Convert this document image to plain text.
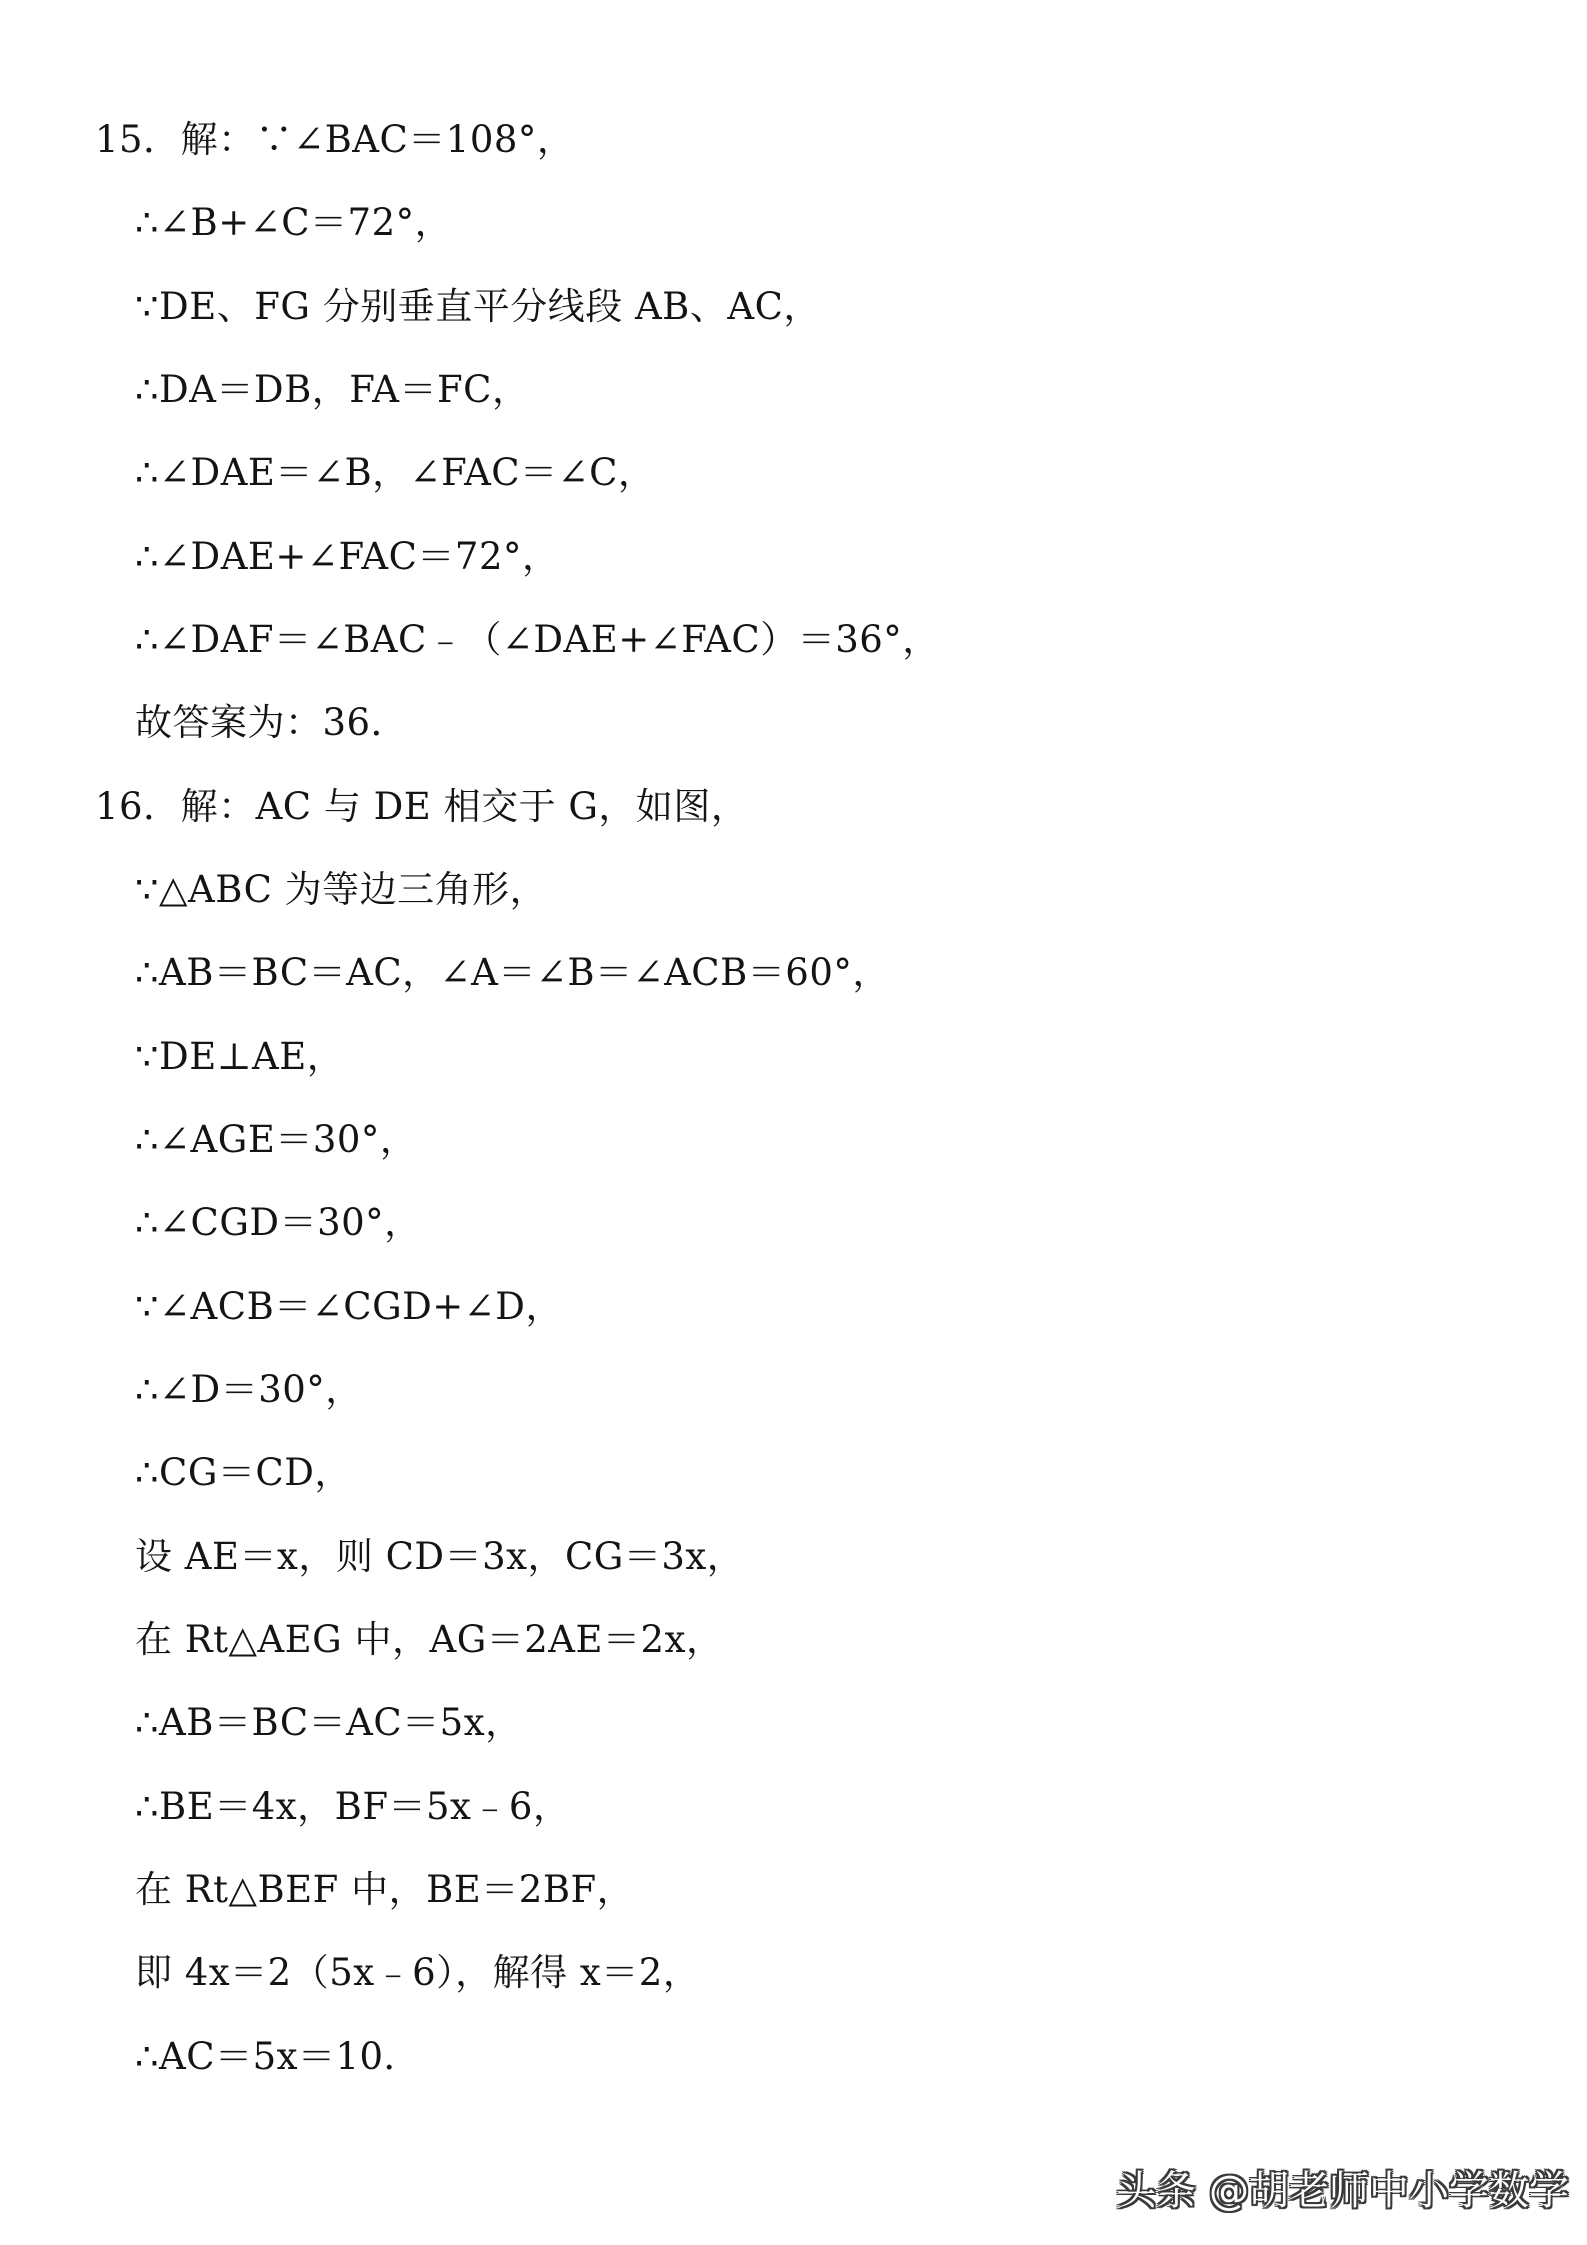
15．解：∵∠BAC＝108°，
∴∠B+∠C＝72°，
∵DE、FG 分别垂直平分线段 AB、AC，
∴DA＝DB，FA＝FC，
∴∠DAE＝∠B，∠FAC＝∠C，
∴∠DAE+∠FAC＝72°，
∴∠DAF＝∠BAC﹣（∠DAE+∠FAC）＝36°，
故答案为：36．
16．解：AC 与 DE 相交于 G，如图，
∵△ABC 为等边三角形，
∴AB＝BC＝AC，∠A＝∠B＝∠ACB＝60°，
∵DE⊥AE，
∴∠AGE＝30°，
∴∠CGD＝30°，
∵∠ACB＝∠CGD+∠D，
∴∠D＝30°，
∴CG＝CD，
设 AE＝x，则 CD＝3x，CG＝3x，
在 Rt△AEG 中，AG＝2AE＝2x，
∴AB＝BC＝AC＝5x，
∴BE＝4x，BF＝5x﹣6，
在 Rt△BEF 中，BE＝2BF，
即 4x＝2（5x﹣6），解得 x＝2，
∴AC＝5x＝10．
头条 @胡老师中小学数学
